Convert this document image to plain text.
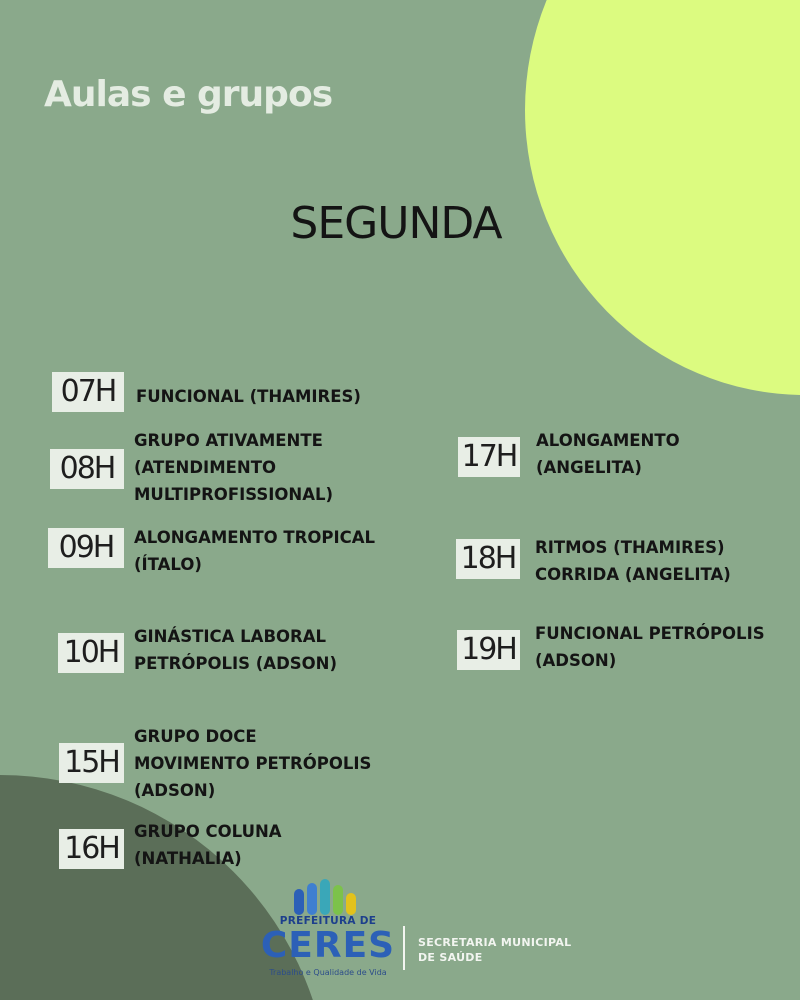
Aulas e grupos
SEGUNDA
07H	FUNCIONAL (THAMIRES)
08H
GRUPO ATIVAMENTE
(ATENDIMENTO
MULTIPROFISSIONAL)
09H	ALONGAMENTO TROPICAL
(ÍTALO)
10H GINÁSTICA LABORAL
PETRÓPOLIS (ADSON)
15H
GRUPO DOCE
MOVIMENTO PETRÓPOLIS
(ADSON)
16H GRUPO COLUNA
(NATHALIA)
17H ALONGAMENTO
(ANGELITA)
18H RITMOS (THAMIRES)
CORRIDA (ANGELITA)
19H FUNCIONAL PETRÓPOLIS
(ADSON)
PREFEITURA DE
CERES
Trabalho e Qualidade de Vida
SECRETARIA MUNICIPAL
DE SAÚDE
